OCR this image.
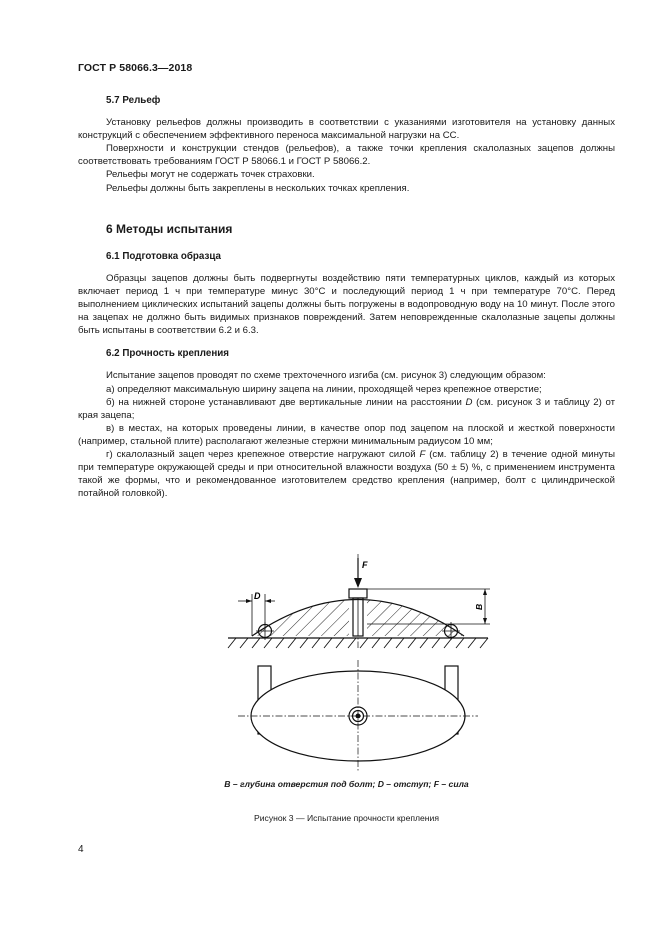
ГОСТ Р 58066.3—2018
5.7 Рельеф

Установку рельефов должны производить в соответствии с указаниями изготовителя на установку данных конструкций с обеспечением эффективного переноса максимальной нагрузки на СС.

Поверхности и конструкции стендов (рельефов), а также точки крепления скалолазных зацепов должны соответствовать требованиям ГОСТ Р 58066.1 и ГОСТ Р 58066.2.

Рельефы могут не содержать точек страховки.

Рельефы должны быть закреплены в нескольких точках крепления.

6 Методы испытания
6.1 Подготовка образца

Образцы зацепов должны быть подвергнуты воздействию пяти температурных циклов, каждый из которых включает период 1 ч при температуре минус 30°С и последующий период 1 ч при температуре 70°С. Перед выполнением циклических испытаний зацепы должны быть погружены в водопроводную воду на 10 минут. После этого на зацепах не должно быть видимых признаков повреждений. Затем неповрежденные скалолазные зацепы должны быть испытаны в соответствии 6.2 и 6.3.

6.2 Прочность крепления

Испытание зацепов проводят по схеме трехточечного изгиба (см. рисунок 3) следующим образом:

а) определяют максимальную ширину зацепа на линии, проходящей через крепежное отверстие;

б) на нижней стороне устанавливают две вертикальные линии на расстоянии D (см. рисунок 3 и таблицу 2) от края зацепа;

в) в местах, на которых проведены линии, в качестве опор под зацепом на плоской и жесткой поверхности (например, стальной плите) располагают железные стержни минимальным радиусом 10 мм;

г) скалолазный зацеп через крепежное отверстие нагружают силой F (см. таблицу 2) в течение одной минуты при температуре окружающей среды и при относительной влажности воздуха (50 ± 5) %, с применением инструмента такой же формы, что и рекомендованное изготовителем средство крепления (например, болт с цилиндрической потайной головкой).

F
D
B
B – глубина отверстия под болт; D – отступ; F – сила
Рисунок 3 — Испытание прочности крепления
4
